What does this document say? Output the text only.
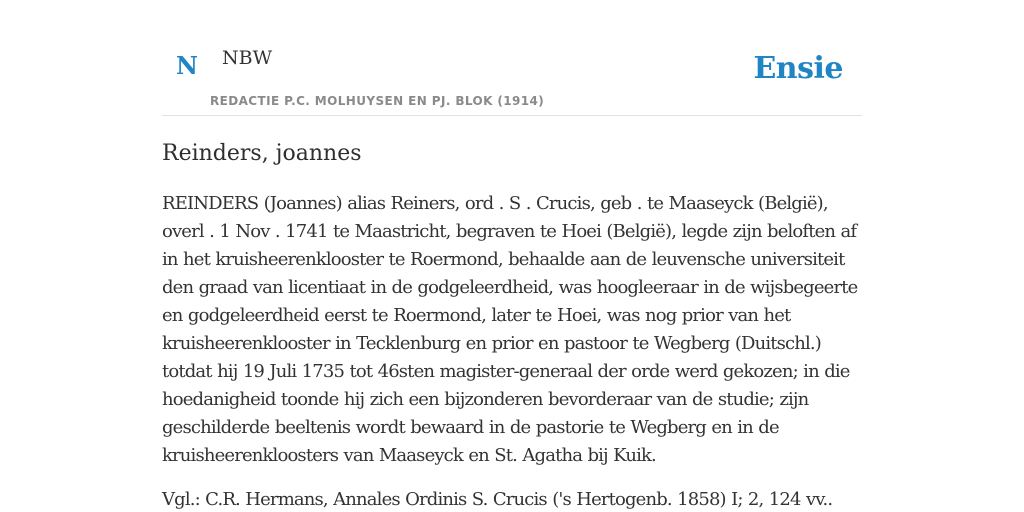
N NBW
REDACTIE P.C. MOLHUYSEN EN PJ. BLOK (1914)
Ensie
Reinders, joannes

REINDERS (Joannes) alias Reiners, ord . S . Crucis, geb . te Maaseyck (België), overl . 1 Nov . 1741 te Maastricht, begraven te Hoei (België), legde zijn beloften af in het kruisheerenklooster te Roermond, behaalde aan de leuvensche universiteit den graad van licentiaat in de godgeleerdheid, was hoogleeraar in de wijsbegeerte en godgeleerdheid eerst te Roermond, later te Hoei, was nog prior van het kruisheerenklooster in Tecklenburg en prior en pastoor te Wegberg (Duitschl.) totdat hij 19 Juli 1735 tot 46sten magister-generaal der orde werd gekozen; in die hoedanigheid toonde hij zich een bijzonderen bevorderaar van de studie; zijn geschilderde beeltenis wordt bewaard in de pastorie te Wegberg en in de kruisheerenkloosters van Maaseyck en St. Agatha bij Kuik.

Vgl.: C.R. Hermans, Annales Ordinis S. Crucis ('s Hertogenb. 1858) I; 2, 124 vv..
